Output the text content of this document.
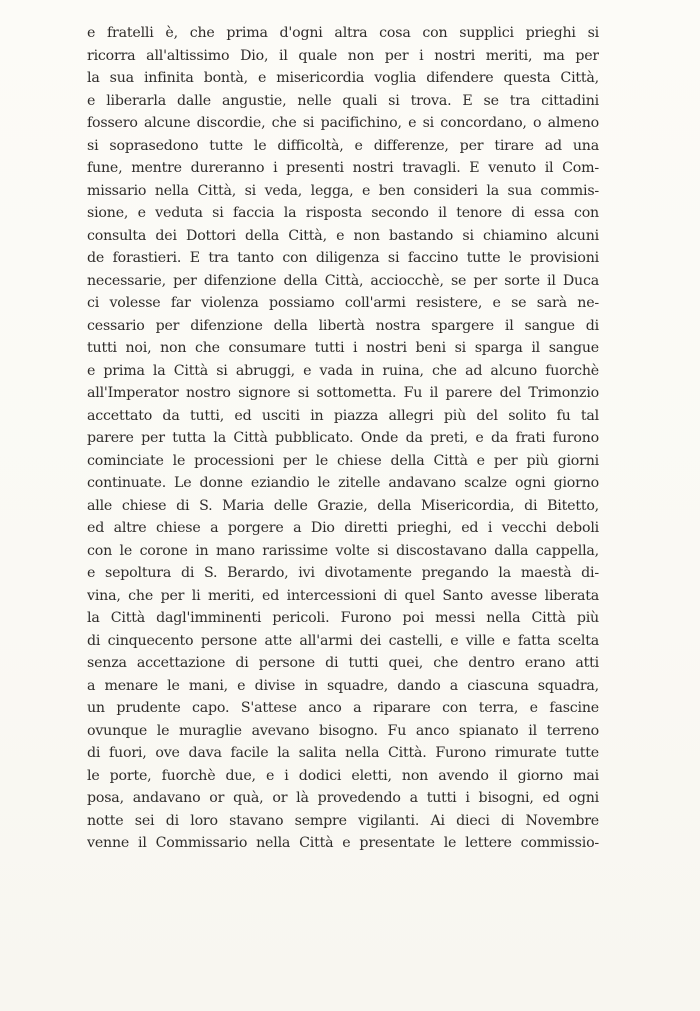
e fratelli è, che prima d'ogni altra cosa con supplici prieghi si
ricorra all'altissimo Dio, il quale non per i nostri meriti, ma per
la sua infinita bontà, e misericordia voglia difendere questa Città,
e liberarla dalle angustie, nelle quali si trova. E se tra cittadini
fossero alcune discordie, che si pacifichino, e si concordano, o almeno
si soprasedono tutte le difficoltà, e differenze, per tirare ad una
fune, mentre dureranno i presenti nostri travagli. E venuto il Com-
missario nella Città, si veda, legga, e ben consideri la sua commis-
sione, e veduta si faccia la risposta secondo il tenore di essa con
consulta dei Dottori della Città, e non bastando si chiamino alcuni
de forastieri. E tra tanto con diligenza si faccino tutte le provisioni
necessarie, per difenzione della Città, acciocchè, se per sorte il Duca
ci volesse far violenza possiamo coll'armi resistere, e se sarà ne-
cessario per difenzione della libertà nostra spargere il sangue di
tutti noi, non che consumare tutti i nostri beni si sparga il sangue
e prima la Città si abruggi, e vada in ruina, che ad alcuno fuorchè
all'Imperator nostro signore si sottometta. Fu il parere del Trimonzio
accettato da tutti, ed usciti in piazza allegri più del solito fu tal
parere per tutta la Città pubblicato. Onde da preti, e da frati furono
cominciate le processioni per le chiese della Città e per più giorni
continuate. Le donne eziandio le zitelle andavano scalze ogni giorno
alle chiese di S. Maria delle Grazie, della Misericordia, di Bitetto,
ed altre chiese a porgere a Dio diretti prieghi, ed i vecchi deboli
con le corone in mano rarissime volte si discostavano dalla cappella,
e sepoltura di S. Berardo, ivi divotamente pregando la maestà di-
vina, che per li meriti, ed intercessioni di quel Santo avesse liberata
la Città dagl'imminenti pericoli. Furono poi messi nella Città più
di cinquecento persone atte all'armi dei castelli, e ville e fatta scelta
senza accettazione di persone di tutti quei, che dentro erano atti
a menare le mani, e divise in squadre, dando a ciascuna squadra,
un prudente capo. S'attese anco a riparare con terra, e fascine
ovunque le muraglie avevano bisogno. Fu anco spianato il terreno
di fuori, ove dava facile la salita nella Città. Furono rimurate tutte
le porte, fuorchè due, e i dodici eletti, non avendo il giorno mai
posa, andavano or quà, or là provedendo a tutti i bisogni, ed ogni
notte sei di loro stavano sempre vigilanti. Ai dieci di Novembre
venne il Commissario nella Città e presentate le lettere commissio-
